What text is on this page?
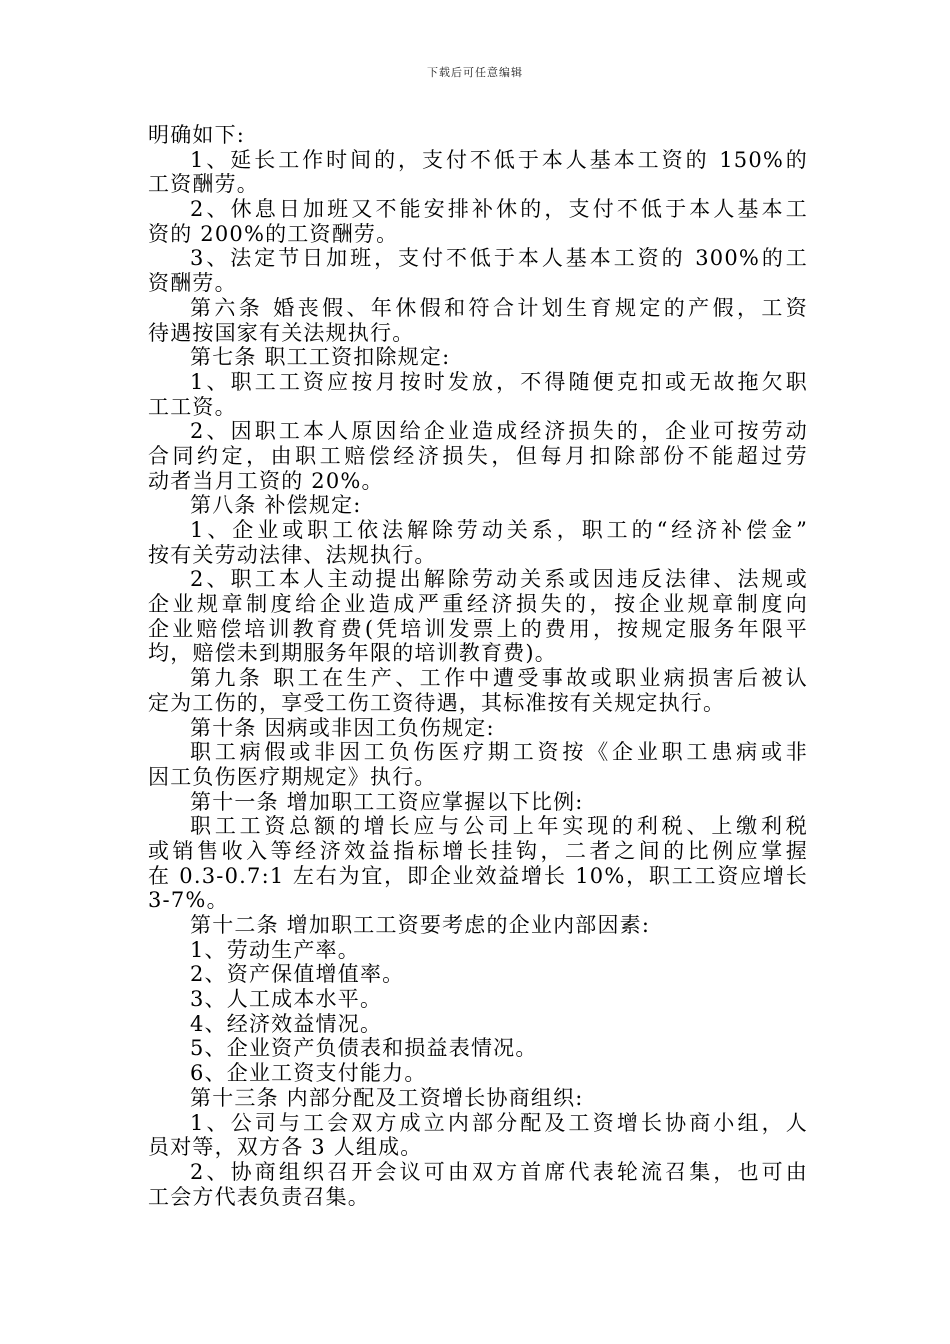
下载后可任意编辑
明确如下:
1、延长工作时间的，支付不低于本人基本工资的 150%的
工资酬劳。
2、休息日加班又不能安排补休的，支付不低于本人基本工
资的 200%的工资酬劳。
3、法定节日加班，支付不低于本人基本工资的 300%的工
资酬劳。
第六条 婚丧假、年休假和符合计划生育规定的产假，工资
待遇按国家有关法规执行。
第七条 职工工资扣除规定:
1、职工工资应按月按时发放，不得随便克扣或无故拖欠职
工工资。
2、因职工本人原因给企业造成经济损失的，企业可按劳动
合同约定，由职工赔偿经济损失，但每月扣除部份不能超过劳
动者当月工资的 20%。
第八条 补偿规定:
1、企业或职工依法解除劳动关系，职工的“经济补偿金”
按有关劳动法律、法规执行。
2、职工本人主动提出解除劳动关系或因违反法律、法规或
企业规章制度给企业造成严重经济损失的，按企业规章制度向
企业赔偿培训教育费(凭培训发票上的费用，按规定服务年限平
均，赔偿未到期服务年限的培训教育费)。
第九条 职工在生产、工作中遭受事故或职业病损害后被认
定为工伤的，享受工伤工资待遇，其标准按有关规定执行。
第十条 因病或非因工负伤规定:
职工病假或非因工负伤医疗期工资按《企业职工患病或非
因工负伤医疗期规定》执行。
第十一条 增加职工工资应掌握以下比例:
职工工资总额的增长应与公司上年实现的利税、上缴利税
或销售收入等经济效益指标增长挂钩，二者之间的比例应掌握
在 0.3-0.7:1 左右为宜，即企业效益增长 10%，职工工资应增长
3-7%。
第十二条 增加职工工资要考虑的企业内部因素:
1、劳动生产率。
2、资产保值增值率。
3、人工成本水平。
4、经济效益情况。
5、企业资产负债表和损益表情况。
6、企业工资支付能力。
第十三条 内部分配及工资增长协商组织:
1、公司与工会双方成立内部分配及工资增长协商小组，人
员对等，双方各 3 人组成。
2、协商组织召开会议可由双方首席代表轮流召集，也可由
工会方代表负责召集。
